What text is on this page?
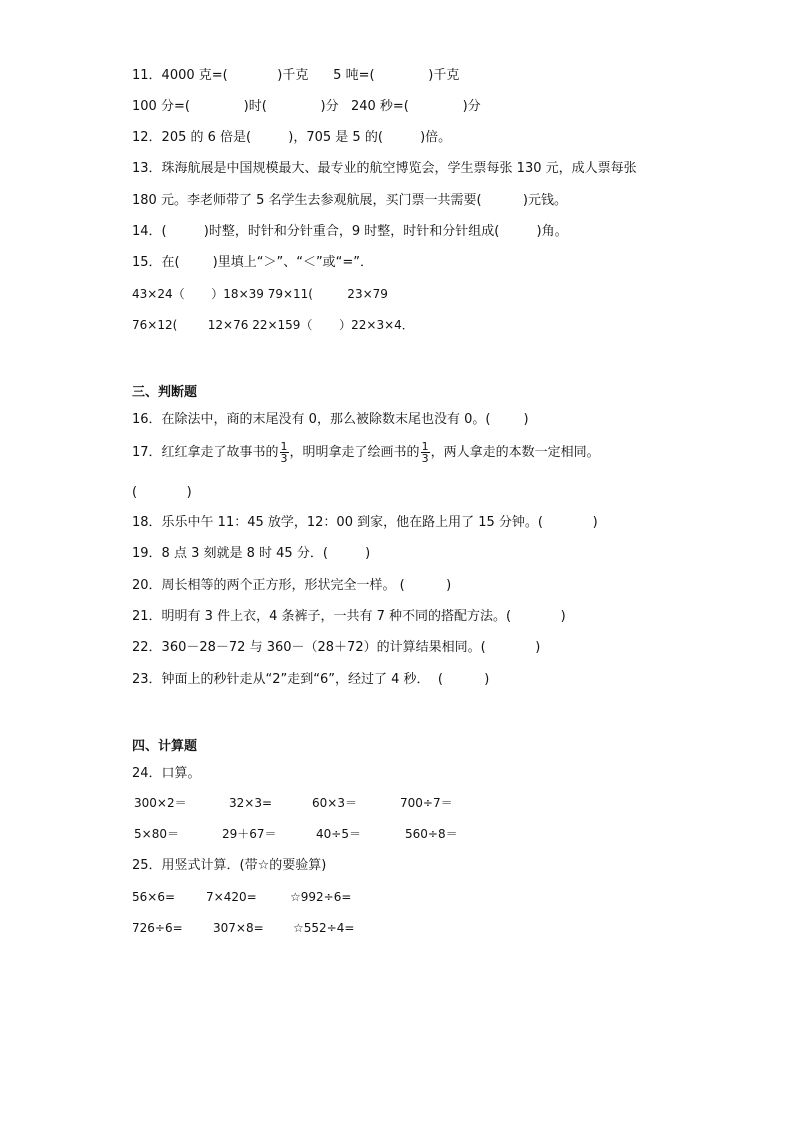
11．4000 克=(            )千克      5 吨=(             )千克
100 分=(             )时(             )分   240 秒=(             )分
12．205 的 6 倍是(         )，705 是 5 的(         )倍。
13．珠海航展是中国规模最大、最专业的航空博览会，学生票每张 130 元，成人票每张
180 元。李老师带了 5 名学生去参观航展，买门票一共需要(          )元钱。
14．(         )时整，时针和分针重合，9 时整，时针和分针组成(         )角。
15．在(        )里填上“＞”、“＜”或“=”．
43×24（       ）18×39 79×11(         23×79
76×12(        12×76 22×159（       ）22×3×4．
三、判断题
16．在除法中，商的末尾没有 0，那么被除数末尾也没有 0。(        )
17．红红拿走了故事书的 $\frac{1}{3}$ ，明明拿走了绘画书的 $\frac{1}{3}$ ，两人拿走的本数一定相同。
(            )
18．乐乐中午 11：45 放学，12：00 到家，他在路上用了 15 分钟。(            )
19．8 点 3 刻就是 8 时 45 分．(         )
20．周长相等的两个正方形，形状完全一样。 (          )
21．明明有 3 件上衣，4 条裤子，一共有 7 种不同的搭配方法。(            )
22．360－28－72 与 360－（28＋72）的计算结果相同。(            )
23．钟面上的秒针走从“2”走到“6”，经过了 4 秒．  (          )
四、计算题
24．口算。
300×2＝	32×3=	60×3＝	700÷7＝
5×80＝	29＋67＝	40÷5＝	560÷8＝
25．用竖式计算．(带☆的要验算)
56×6=	7×420=	☆992÷6=
726÷6=	307×8= ☆552÷4=
